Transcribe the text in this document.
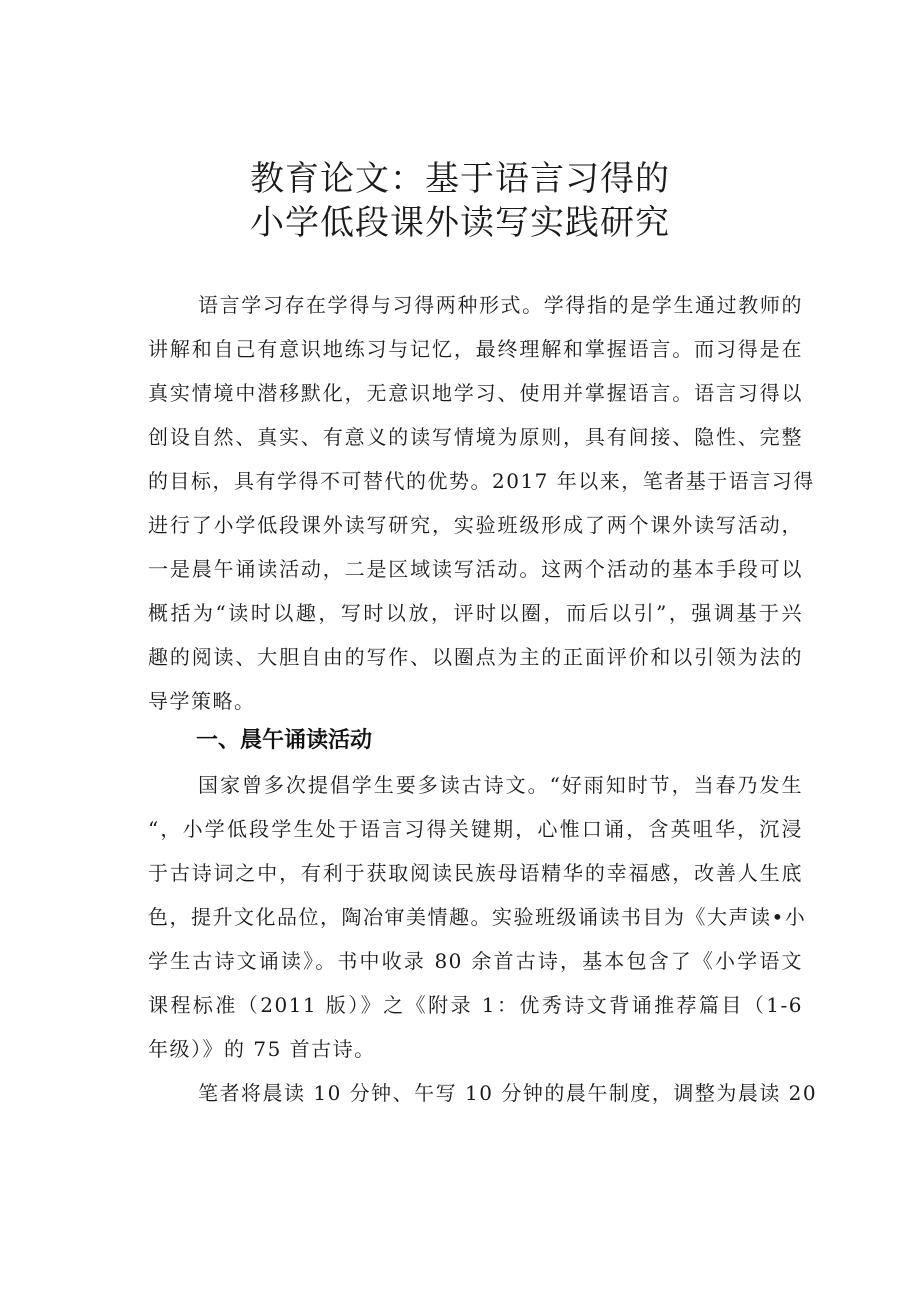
教育论文：基于语言习得的
小学低段课外读写实践研究
语言学习存在学得与习得两种形式。学得指的是学生通过教师的
讲解和自己有意识地练习与记忆，最终理解和掌握语言。而习得是在
真实情境中潜移默化，无意识地学习、使用并掌握语言。语言习得以
创设自然、真实、有意义的读写情境为原则，具有间接、隐性、完整
的目标，具有学得不可替代的优势。2017 年以来，笔者基于语言习得
进行了小学低段课外读写研究，实验班级形成了两个课外读写活动，
一是晨午诵读活动，二是区域读写活动。这两个活动的基本手段可以
概括为“读时以趣，写时以放，评时以圈，而后以引”，强调基于兴
趣的阅读、大胆自由的写作、以圈点为主的正面评价和以引领为法的
导学策略。
一、晨午诵读活动
国家曾多次提倡学生要多读古诗文。“好雨知时节，当春乃发生
“，小学低段学生处于语言习得关键期，心惟口诵，含英咀华，沉浸
于古诗词之中，有利于获取阅读民族母语精华的幸福感，改善人生底
色，提升文化品位，陶冶审美情趣。实验班级诵读书目为《大声读•小
学生古诗文诵读》。书中收录 80 余首古诗，基本包含了《小学语文
课程标准（2011 版）》之《附录 1：优秀诗文背诵推荐篇目（1-6
年级）》的 75 首古诗。
笔者将晨读 10 分钟、午写 10 分钟的晨午制度，调整为晨读 20
